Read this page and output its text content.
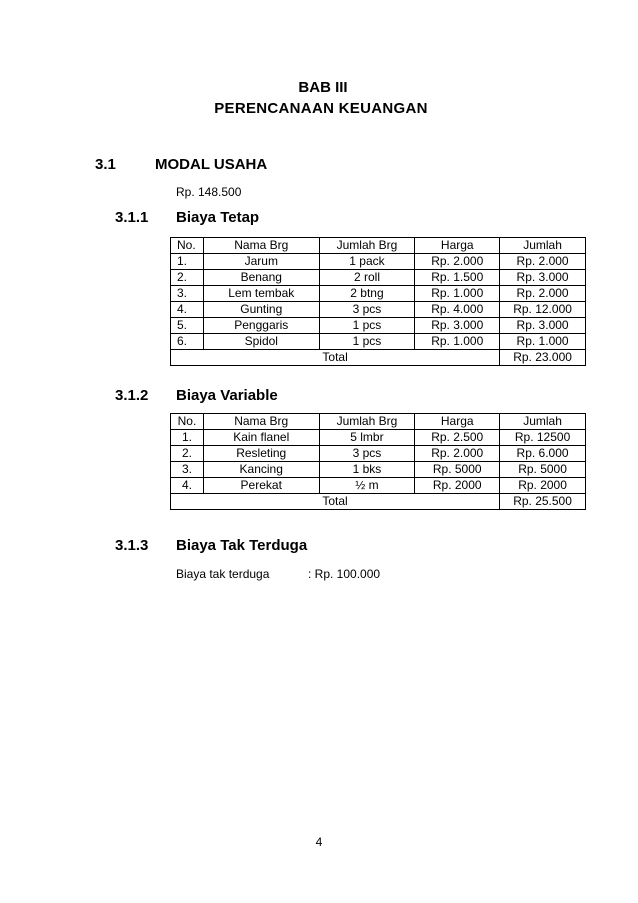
BAB III
PERENCANAAN KEUANGAN
3.1	MODAL USAHA
Rp. 148.500
3.1.1 Biaya Tetap
No.	Nama Brg	Jumlah Brg	Harga	Jumlah
1.	Jarum	1 pack	Rp. 2.000	Rp. 2.000
2.	Benang	2 roll	Rp. 1.500	Rp. 3.000
3.	Lem tembak	2 btng	Rp. 1.000	Rp. 2.000
4.	Gunting	3 pcs	Rp. 4.000	Rp. 12.000
5.	Penggaris	1 pcs	Rp. 3.000	Rp. 3.000
6.	Spidol	1 pcs	Rp. 1.000	Rp. 1.000
Total				Rp. 23.000
3.1.2 Biaya Variable
No.	Nama Brg	Jumlah Brg	Harga	Jumlah
1.	Kain flanel	5 lmbr	Rp. 2.500	Rp. 12500
2.	Resleting	3 pcs	Rp. 2.000	Rp. 6.000
3.	Kancing	1 bks	Rp. 5000	Rp. 5000
4.	Perekat	½ m	Rp. 2000	Rp. 2000
Total				Rp. 25.500
3.1.3 Biaya Tak Terduga
Biaya tak terduga	: Rp. 100.000
4
